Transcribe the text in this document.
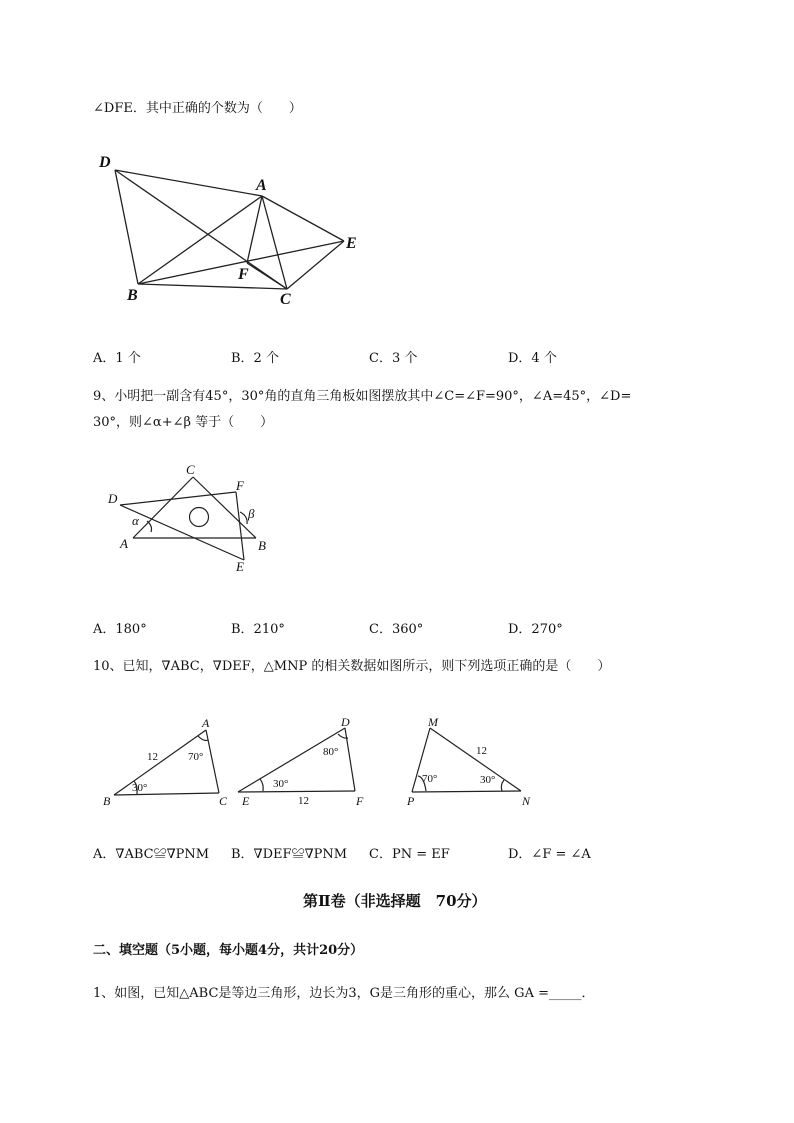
∠DFE．其中正确的个数为（　　）
D
A
E
F
B	C
A．1 个	B．2 个	C．3 个	D．4 个
9、小明把一副含有45°，30°角的直角三角板如图摆放其中∠C=∠F=90°，∠A=45°，∠D=
30°，则∠α+∠β 等于（　　）
C
D
F
α	β
A	B
E
A．180°	B．210°	C．360°	D．270°
10、已知，∇ABC，∇DEF，△MNP 的相关数据如图所示，则下列选项正确的是（　　）
A
B	C
D
E	F
M
P	N
12	70°
30°
12
80°
30°
12
70°	30°
A．∇ABC≌∇PNM B．∇DEF≌∇PNM C．PN = EF	D．∠F = ∠A
第Ⅱ卷（非选择题　70分）
二、填空题（5小题，每小题4分，共计20分）
1、如图，已知△ABC是等边三角形，边长为3，G是三角形的重心，那么 GA =_____．
